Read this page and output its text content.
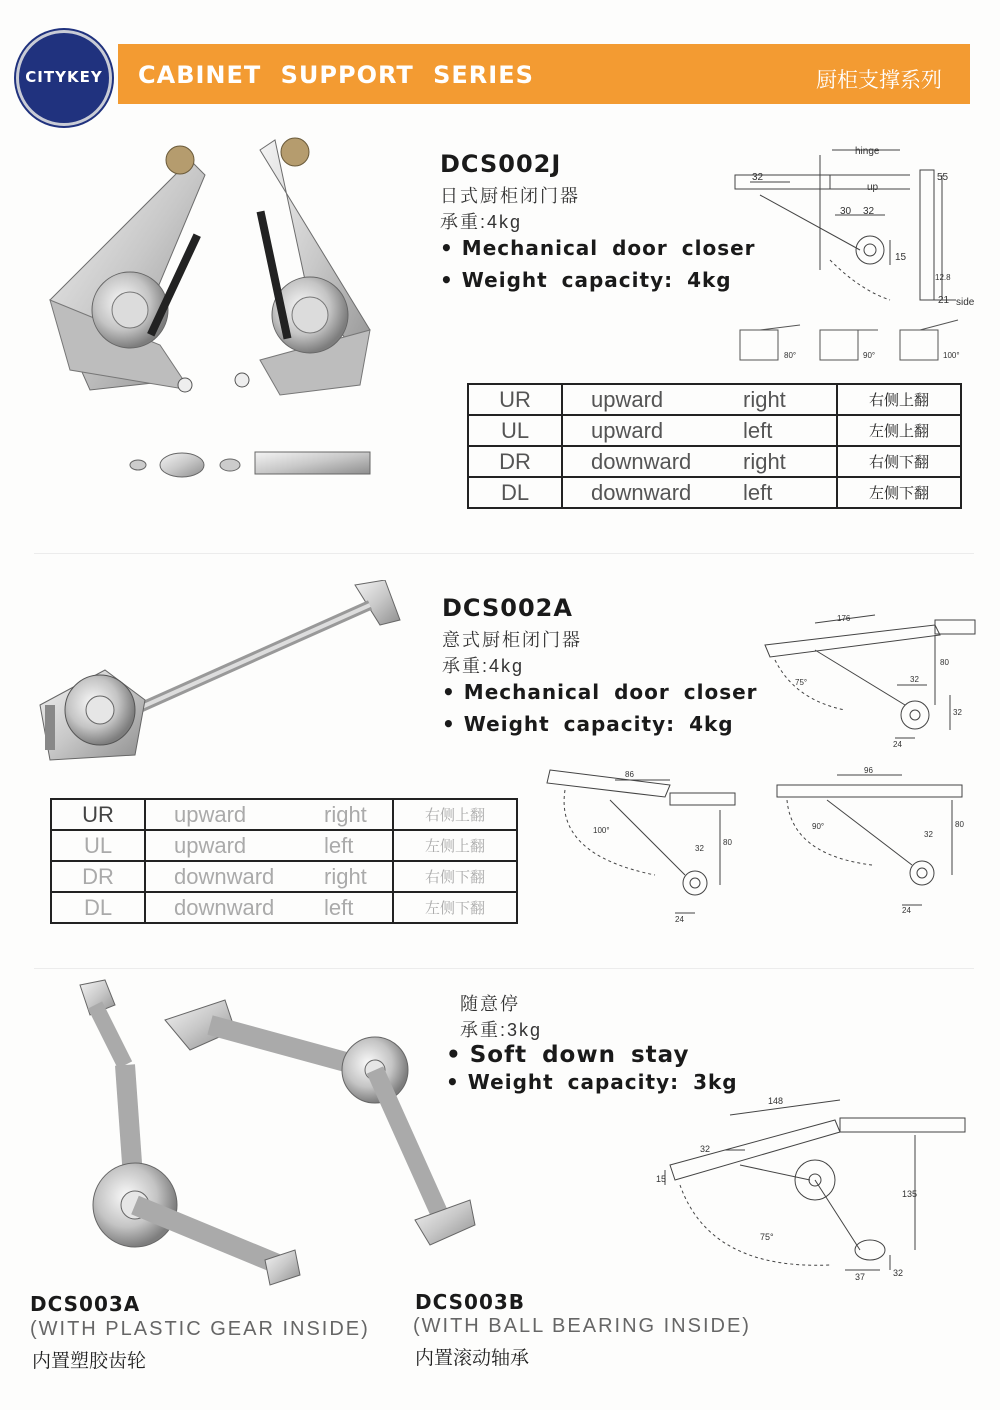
CITYKEY CABINET SUPPORT SERIES	厨柜支撑系列
DCS002J
日式厨柜闭门器
承重:4kg
• Mechanical door closer
• Weight capacity: 4kg
hinge
up
32
30 32
15
55
12.8
21 side
80°	90°	100°
UR	upward right	右侧上翻
UL	upward left	左侧上翻
DR	downward right	右侧下翻
DL	downward left	左侧下翻
DCS002A
意式厨柜闭门器
承重:4kg
• Mechanical door closer
• Weight capacity: 4kg
176
75°	32
80
32
24
86
100°
80
32
24
96
90°	80
32
24
UR	upward right	右侧上翻
UL	upward left	左侧上翻
DR	downward right	右侧下翻
DL	downward left	左侧下翻
随意停
承重:3kg
• Soft down stay
• Weight capacity: 3kg
148
32
15
135
75°
37	32
DCS003A
(WITH PLASTIC GEAR INSIDE)
内置塑胶齿轮
DCS003B
(WITH BALL BEARING INSIDE)
内置滚动轴承
